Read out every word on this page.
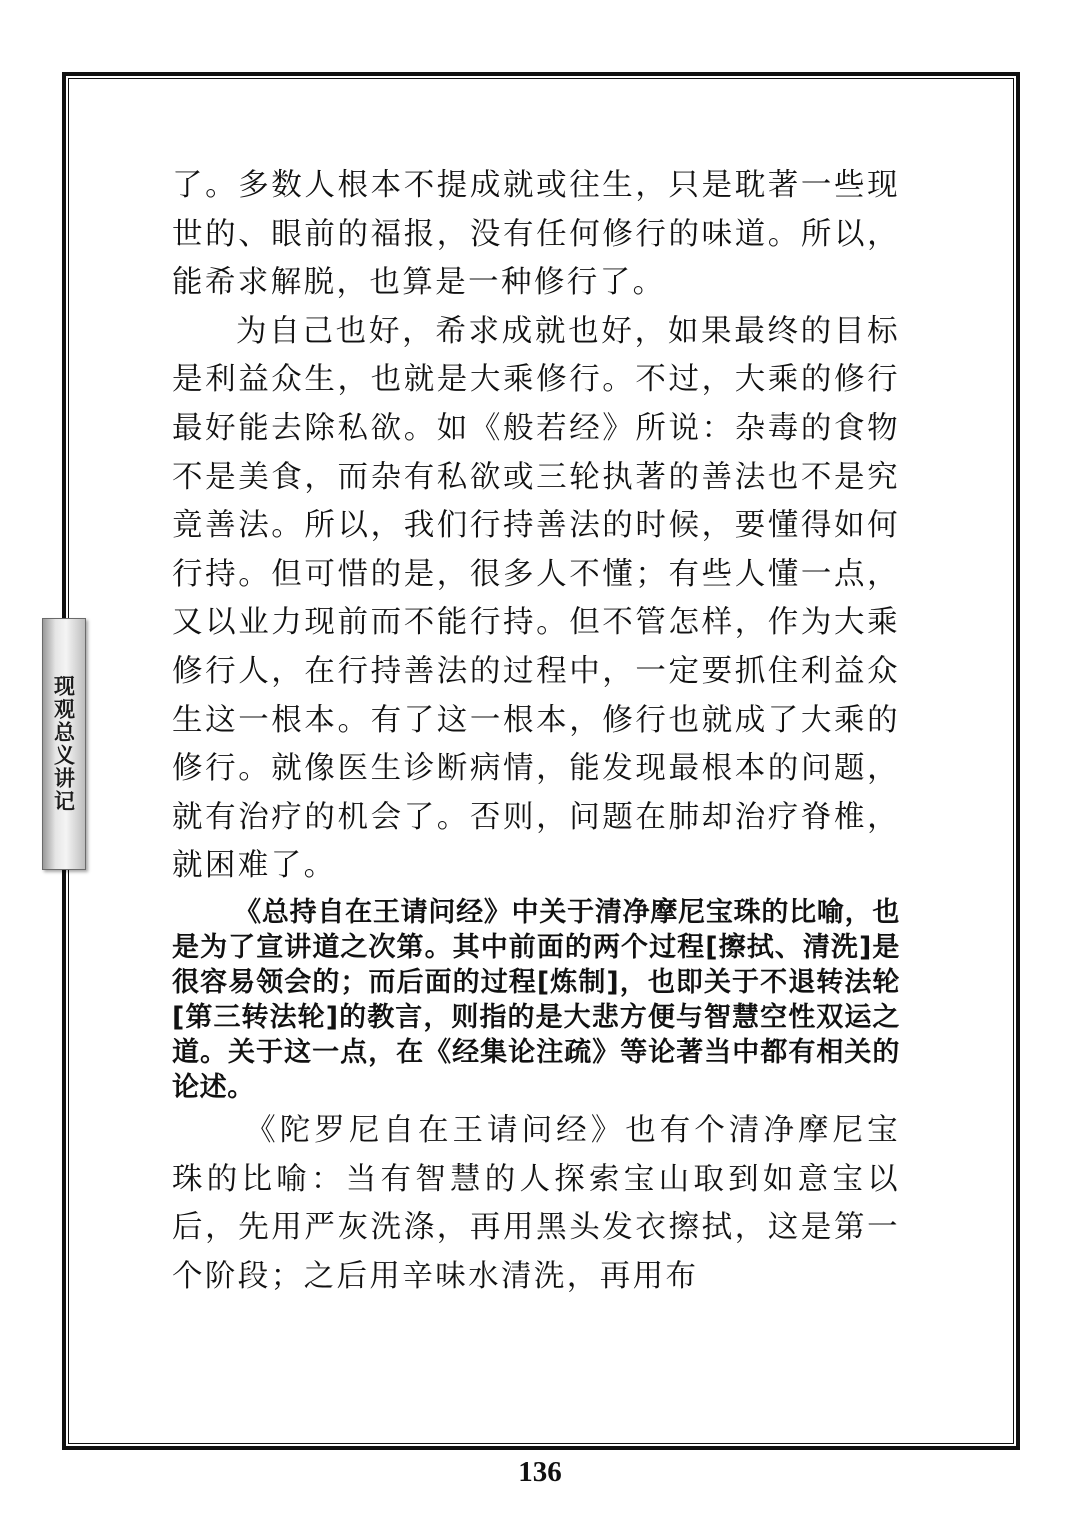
现观总义讲记

了。多数人根本不提成就或往生，只是耽著一些现世的、眼前的福报，没有任何修行的味道。所以，能希求解脱，也算是一种修行了。

为自己也好，希求成就也好，如果最终的目标是利益众生，也就是大乘修行。不过，大乘的修行最好能去除私欲。如《般若经》所说：杂毒的食物不是美食，而杂有私欲或三轮执著的善法也不是究竟善法。所以，我们行持善法的时候，要懂得如何行持。但可惜的是，很多人不懂；有些人懂一点，又以业力现前而不能行持。但不管怎样，作为大乘修行人，在行持善法的过程中，一定要抓住利益众生这一根本。有了这一根本，修行也就成了大乘的修行。就像医生诊断病情，能发现最根本的问题，就有治疗的机会了。否则，问题在肺却治疗脊椎，就困难了。

《总持自在王请问经》中关于清净摩尼宝珠的比喻，也是为了宣讲道之次第。其中前面的两个过程[擦拭、清洗]是很容易领会的；而后面的过程[炼制]，也即关于不退转法轮[第三转法轮]的教言，则指的是大悲方便与智慧空性双运之道。关于这一点，在《经集论注疏》等论著当中都有相关的论述。

《陀罗尼自在王请问经》也有个清净摩尼宝珠的比喻：当有智慧的人探索宝山取到如意宝以后，先用严灰洗涤，再用黑头发衣擦拭，这是第一个阶段；之后用辛味水清洗，再用布

136
